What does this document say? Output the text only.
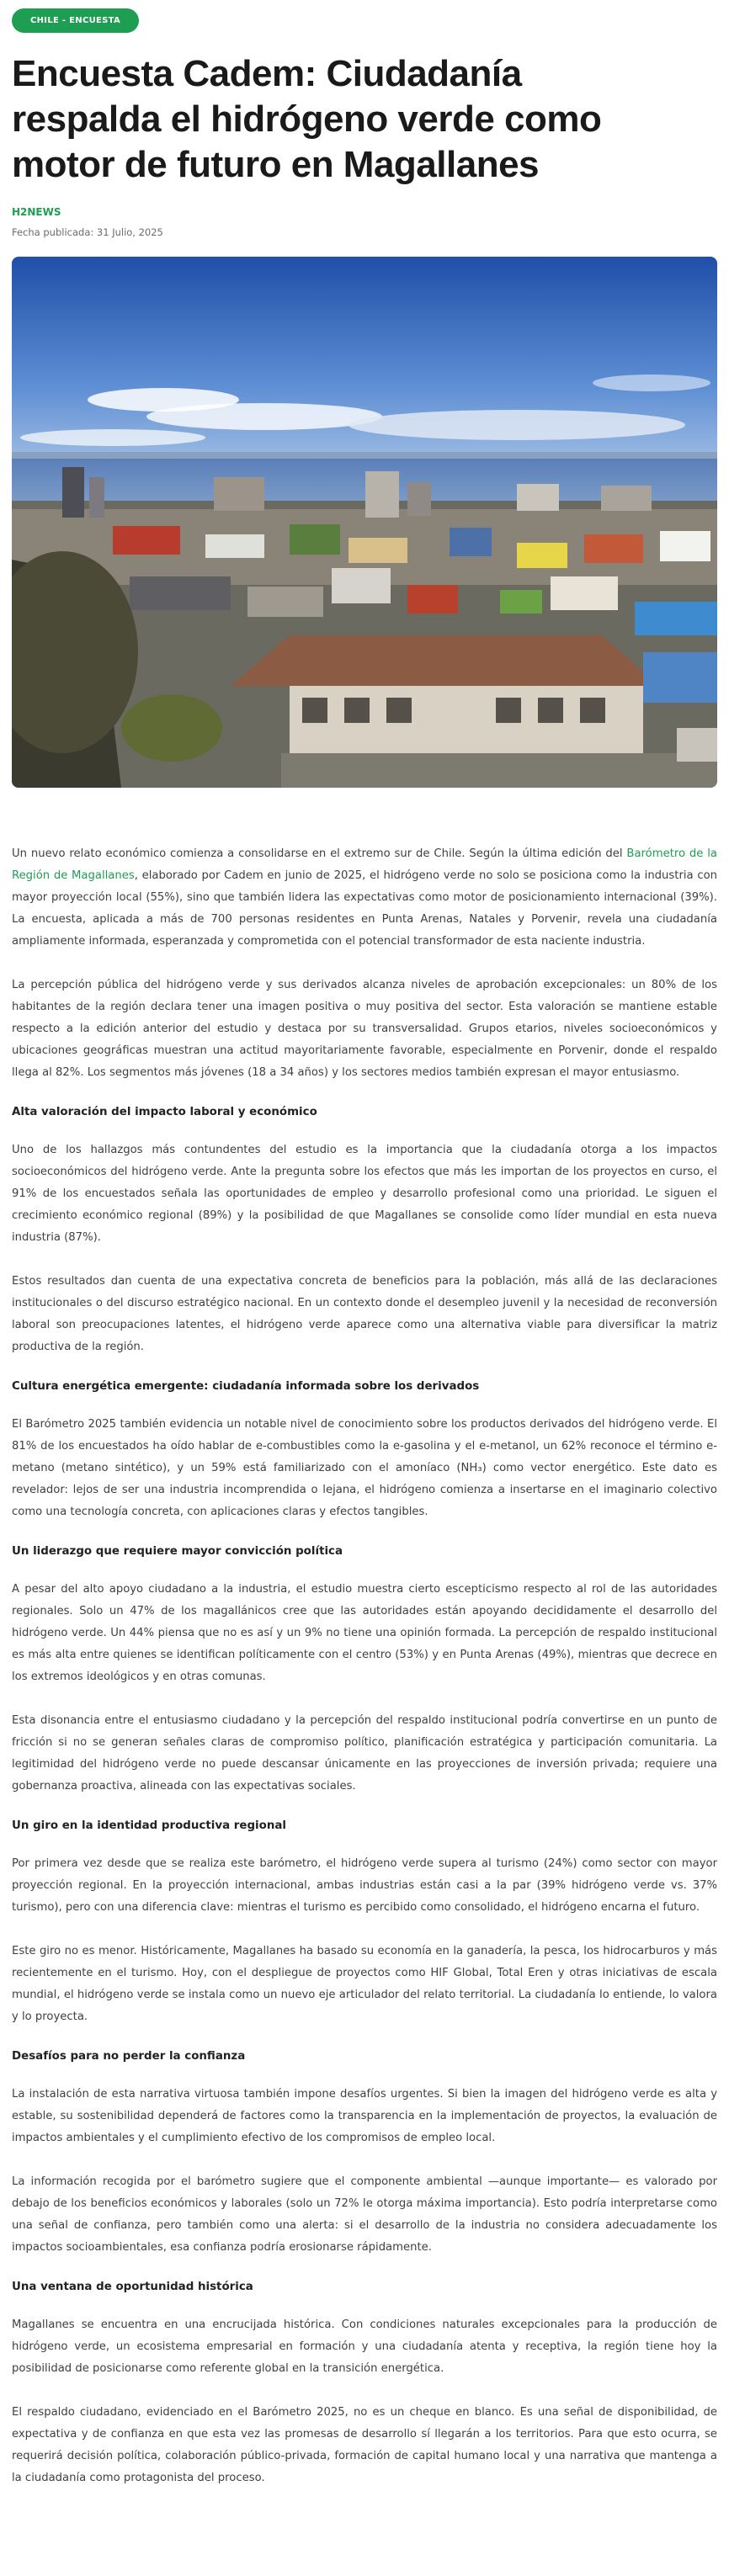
CHILE - ENCUESTA
Encuesta Cadem: Ciudadanía respalda el hidrógeno verde como motor de futuro en Magallanes
H2NEWS
Fecha publicada: 31 Julio, 2025

Un nuevo relato económico comienza a consolidarse en el extremo sur de Chile. Según la última edición del Barómetro de la Región de Magallanes, elaborado por Cadem en junio de 2025, el hidrógeno verde no solo se posiciona como la industria con mayor proyección local (55%), sino que también lidera las expectativas como motor de posicionamiento internacional (39%). La encuesta, aplicada a más de 700 personas residentes en Punta Arenas, Natales y Porvenir, revela una ciudadanía ampliamente informada, esperanzada y comprometida con el potencial transformador de esta naciente industria.

La percepción pública del hidrógeno verde y sus derivados alcanza niveles de aprobación excepcionales: un 80% de los habitantes de la región declara tener una imagen positiva o muy positiva del sector. Esta valoración se mantiene estable respecto a la edición anterior del estudio y destaca por su transversalidad. Grupos etarios, niveles socioeconómicos y ubicaciones geográficas muestran una actitud mayoritariamente favorable, especialmente en Porvenir, donde el respaldo llega al 82%. Los segmentos más jóvenes (18 a 34 años) y los sectores medios también expresan el mayor entusiasmo.

Alta valoración del impacto laboral y económico

Uno de los hallazgos más contundentes del estudio es la importancia que la ciudadanía otorga a los impactos socioeconómicos del hidrógeno verde. Ante la pregunta sobre los efectos que más les importan de los proyectos en curso, el 91% de los encuestados señala las oportunidades de empleo y desarrollo profesional como una prioridad. Le siguen el crecimiento económico regional (89%) y la posibilidad de que Magallanes se consolide como líder mundial en esta nueva industria (87%).

Estos resultados dan cuenta de una expectativa concreta de beneficios para la población, más allá de las declaraciones institucionales o del discurso estratégico nacional. En un contexto donde el desempleo juvenil y la necesidad de reconversión laboral son preocupaciones latentes, el hidrógeno verde aparece como una alternativa viable para diversificar la matriz productiva de la región.

Cultura energética emergente: ciudadanía informada sobre los derivados

El Barómetro 2025 también evidencia un notable nivel de conocimiento sobre los productos derivados del hidrógeno verde. El 81% de los encuestados ha oído hablar de e-combustibles como la e-gasolina y el e-metanol, un 62% reconoce el término e-metano (metano sintético), y un 59% está familiarizado con el amoníaco (NH₃) como vector energético. Este dato es revelador: lejos de ser una industria incomprendida o lejana, el hidrógeno comienza a insertarse en el imaginario colectivo como una tecnología concreta, con aplicaciones claras y efectos tangibles.

Un liderazgo que requiere mayor convicción política

A pesar del alto apoyo ciudadano a la industria, el estudio muestra cierto escepticismo respecto al rol de las autoridades regionales. Solo un 47% de los magallánicos cree que las autoridades están apoyando decididamente el desarrollo del hidrógeno verde. Un 44% piensa que no es así y un 9% no tiene una opinión formada. La percepción de respaldo institucional es más alta entre quienes se identifican políticamente con el centro (53%) y en Punta Arenas (49%), mientras que decrece en los extremos ideológicos y en otras comunas.

Esta disonancia entre el entusiasmo ciudadano y la percepción del respaldo institucional podría convertirse en un punto de fricción si no se generan señales claras de compromiso político, planificación estratégica y participación comunitaria. La legitimidad del hidrógeno verde no puede descansar únicamente en las proyecciones de inversión privada; requiere una gobernanza proactiva, alineada con las expectativas sociales.

Un giro en la identidad productiva regional

Por primera vez desde que se realiza este barómetro, el hidrógeno verde supera al turismo (24%) como sector con mayor proyección regional. En la proyección internacional, ambas industrias están casi a la par (39% hidrógeno verde vs. 37% turismo), pero con una diferencia clave: mientras el turismo es percibido como consolidado, el hidrógeno encarna el futuro.

Este giro no es menor. Históricamente, Magallanes ha basado su economía en la ganadería, la pesca, los hidrocarburos y más recientemente en el turismo. Hoy, con el despliegue de proyectos como HIF Global, Total Eren y otras iniciativas de escala mundial, el hidrógeno verde se instala como un nuevo eje articulador del relato territorial. La ciudadanía lo entiende, lo valora y lo proyecta.

Desafíos para no perder la confianza

La instalación de esta narrativa virtuosa también impone desafíos urgentes. Si bien la imagen del hidrógeno verde es alta y estable, su sostenibilidad dependerá de factores como la transparencia en la implementación de proyectos, la evaluación de impactos ambientales y el cumplimiento efectivo de los compromisos de empleo local.

La información recogida por el barómetro sugiere que el componente ambiental —aunque importante— es valorado por debajo de los beneficios económicos y laborales (solo un 72% le otorga máxima importancia). Esto podría interpretarse como una señal de confianza, pero también como una alerta: si el desarrollo de la industria no considera adecuadamente los impactos socioambientales, esa confianza podría erosionarse rápidamente.

Una ventana de oportunidad histórica

Magallanes se encuentra en una encrucijada histórica. Con condiciones naturales excepcionales para la producción de hidrógeno verde, un ecosistema empresarial en formación y una ciudadanía atenta y receptiva, la región tiene hoy la posibilidad de posicionarse como referente global en la transición energética.

El respaldo ciudadano, evidenciado en el Barómetro 2025, no es un cheque en blanco. Es una señal de disponibilidad, de expectativa y de confianza en que esta vez las promesas de desarrollo sí llegarán a los territorios. Para que esto ocurra, se requerirá decisión política, colaboración público-privada, formación de capital humano local y una narrativa que mantenga a la ciudadanía como protagonista del proceso.
